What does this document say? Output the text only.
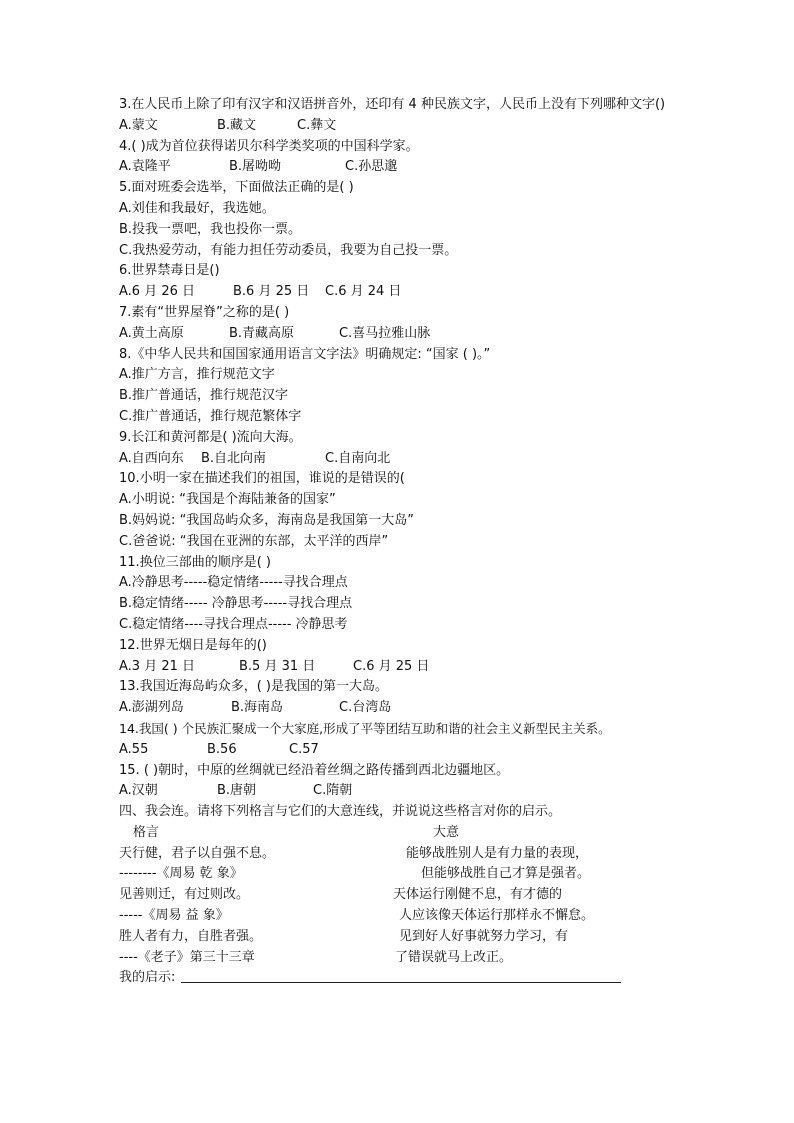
3.在人民币上除了印有汉字和汉语拼音外，还印有 4 种民族文字，人民币上没有下列哪种文字()
A.蒙文	B.藏文	C.彝文
4.( )成为首位获得诺贝尔科学类奖项的中国科学家。
A.袁隆平	B.屠呦呦	C.孙思邈
5.面对班委会选举，下面做法正确的是( )
A.刘佳和我最好，我选她。
B.投我一票吧，我也投你一票。
C.我热爱劳动，有能力担任劳动委员，我要为自己投一票。
6.世界禁毒日是()
A.6 月 26 日	B.6 月 25 日 C.6 月 24 日
7.素有“世界屋脊”之称的是( )
A.黄土高原	B.青藏高原	C.喜马拉雅山脉
8.《中华人民共和国国家通用语言文字法》明确规定: “国家 ( )。”
A.推广方言，推行规范文字
B.推广普通话，推行规范汉字
C.推广普通话，推行规范繁体字
9.长江和黄河都是( )流向大海。
A.自西向东 B.自北向南	C.自南向北
10.小明一家在描述我们的祖国，谁说的是错误的(
A.小明说: “我国是个海陆兼备的国家”
B.妈妈说: “我国岛屿众多，海南岛是我国第一大岛”
C.爸爸说: “我国在亚洲的东部，太平洋的西岸”
11.换位三部曲的顺序是( )
A.冷静思考-----稳定情绪-----寻找合理点
B.稳定情绪----- 冷静思考-----寻找合理点
C.稳定情绪----寻找合理点----- 冷静思考
12.世界无烟日是每年的()
A.3 月 21 日	B.5 月 31 日	C.6 月 25 日
13.我国近海岛屿众多，( )是我国的第一大岛。
A.澎湖列岛	B.海南岛	C.台湾岛
14.我国( ) 个民族汇聚成一个大家庭,形成了平等团结互助和谐的社会主义新型民主关系。
A.55	B.56	C.57
15. ( )朝时，中原的丝绸就已经沿着丝绸之路传播到西北边疆地区。
A.汉朝	B.唐朝	C.隋朝
四、我会连。请将下列格言与它们的大意连线，并说说这些格言对你的启示。
格言	大意
天行健，君子以自强不息。	能够战胜别人是有力量的表现，
--------《周易 乾 象》	但能够战胜自己才算是强者。
见善则迁，有过则改。	天体运行刚健不息，有才德的
-----《周易 益 象》	人应该像天体运行那样永不懈怠。
胜人者有力，自胜者强。	见到好人好事就努力学习，有
----《老子》第三十三章	了错误就马上改正。
我的启示:
